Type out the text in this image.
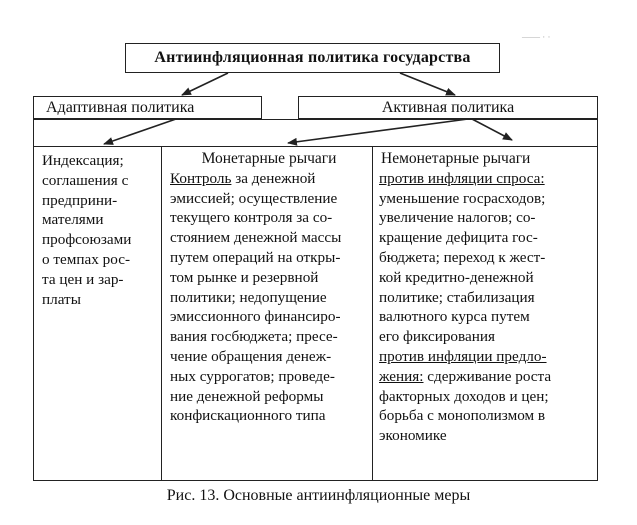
—— · ·
Антиинфляционная политика государства
Адаптивная политика	Активная политика
Индексация;
соглашения с
предприни-
мателями
профсоюзами
о темпах рос-
та цен и зар-
платы
Монетарные рычаги
Контроль за денежной
эмиссией; осуществление
текущего контроля за со-
стоянием денежной массы
путем операций на откры-
том рынке и резервной
политики; недопущение
эмиссионного финансиро-
вания госбюджета; пресе-
чение обращения денеж-
ных суррогатов; проведе-
ние денежной реформы
конфискационного типа
Немонетарные рычаги
против инфляции спроса:
уменьшение госрасходов;
увеличение налогов; со-
кращение дефицита гос-
бюджета; переход к жест-
кой кредитно-денежной
политике; стабилизация
валютного курса путем
его фиксирования
против инфляции предло-
жения: сдерживание роста
факторных доходов и цен;
борьба с монополизмом в
экономике
Рис. 13. Основные антиинфляционные меры
